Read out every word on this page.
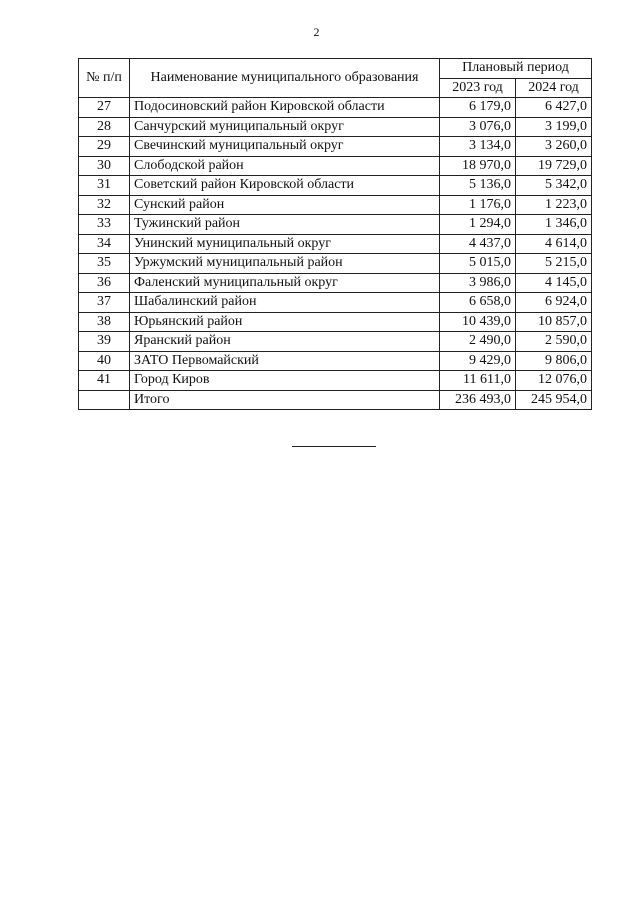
2
№ п/п	Наименование муниципального образования	Плановый период	
		2023 год	2024 год
27	Подосиновский район Кировской области	6 179,0	6 427,0
28	Санчурский муниципальный округ	3 076,0	3 199,0
29	Свечинский муниципальный округ	3 134,0	3 260,0
30	Слободской район	18 970,0	19 729,0
31	Советский район Кировской области	5 136,0	5 342,0
32	Сунский район	1 176,0	1 223,0
33	Тужинский район	1 294,0	1 346,0
34	Унинский муниципальный округ	4 437,0	4 614,0
35	Уржумский муниципальный район	5 015,0	5 215,0
36	Фаленский муниципальный округ	3 986,0	4 145,0
37	Шабалинский район	6 658,0	6 924,0
38	Юрьянский район	10 439,0	10 857,0
39	Яранский район	2 490,0	2 590,0
40	ЗАТО Первомайский	9 429,0	9 806,0
41	Город Киров	11 611,0	12 076,0
	Итого	236 493,0	245 954,0
